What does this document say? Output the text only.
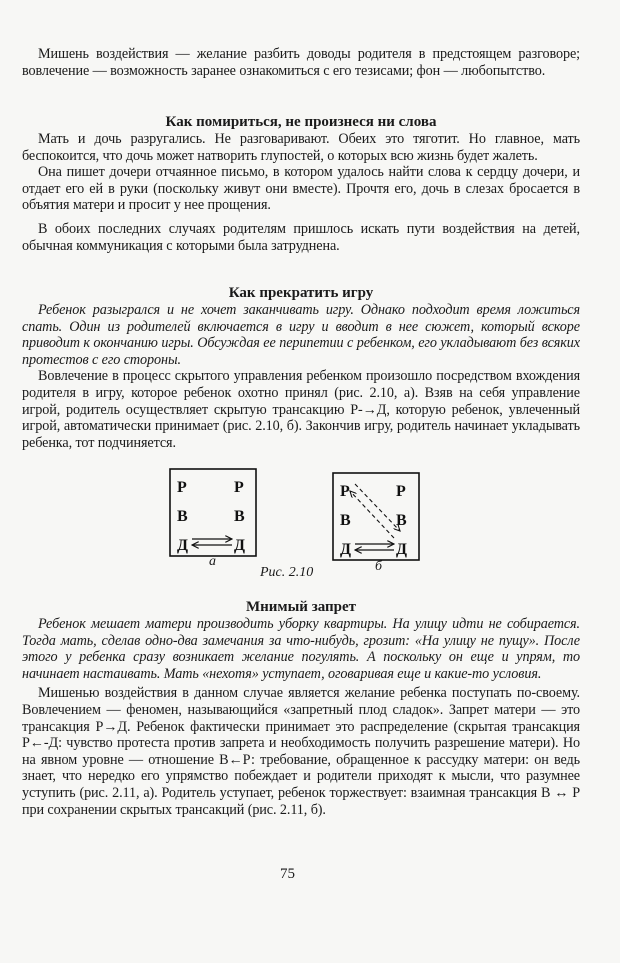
Мишень воздействия — желание разбить доводы родителя в предстоящем разговоре; вовлечение — возможность заранее ознакомиться с его тезисами; фон — любопытство.

Как помириться, не произнеся ни слова

Мать и дочь разругались. Не разговаривают. Обеих это тяготит. Но главное, мать беспокоится, что дочь может натворить глупостей, о которых всю жизнь будет жалеть.

Она пишет дочери отчаянное письмо, в котором удалось найти слова к сердцу дочери, и отдает его ей в руки (поскольку живут они вместе). Прочтя его, дочь в слезах бросается в объятия матери и просит у нее прощения.

В обоих последних случаях родителям пришлось искать пути воздействия на детей, обычная коммуникация с которыми была затруднена.

Как прекратить игру

Ребенок разыгрался и не хочет заканчивать игру. Однако подходит время ложиться спать. Один из родителей включается в игру и вводит в нее сюжет, который вскоре приводит к окончанию игры. Обсуждая ее перипетии с ребенком, его укладывают без всяких протестов с его стороны.

Вовлечение в процесс скрытого управления ребенком произошло посредством вхождения родителя в игру, которое ребенок охотно принял (рис. 2.10, а). Взяв на себя управление игрой, родитель осуществляет скрытую трансакцию Р-→Д, которую ребенок, увлеченный игрой, автоматически принимает (рис. 2.10, б). Закончив игру, родитель начинает укладывать ребенка, тот подчиняется.

Р	Р
В	В
Д	Д
Р	Р
В	В
Д	Д
а	б
Рис. 2.10
Мнимый запрет

Ребенок мешает матери производить уборку квартиры. На улицу идти не собирается. Тогда мать, сделав одно-два замечания за что-нибудь, грозит: «На улицу не пущу». После этого у ребенка сразу возникает желание погулять. А поскольку он еще и упрям, то начинает настаивать. Мать «нехотя» уступает, оговаривая еще и какие-то условия.

Мишенью воздействия в данном случае является желание ребенка поступать по-своему. Вовлечением — феномен, называющийся «запретный плод сладок». Запрет матери — это трансакция Р→Д. Ребенок фактически принимает это распределение (скрытая трансакция Р←-Д: чувство протеста против запрета и необходимость получить разрешение матери). Но на явном уровне — отношение В←Р: требование, обращенное к рассудку матери: он ведь знает, что нередко его упрямство побеждает и родители приходят к мысли, что разумнее уступить (рис. 2.11, а). Родитель уступает, ребенок торжествует: взаимная трансакция В ↔ Р при сохранении скрытых трансакций (рис. 2.11, б).

75
